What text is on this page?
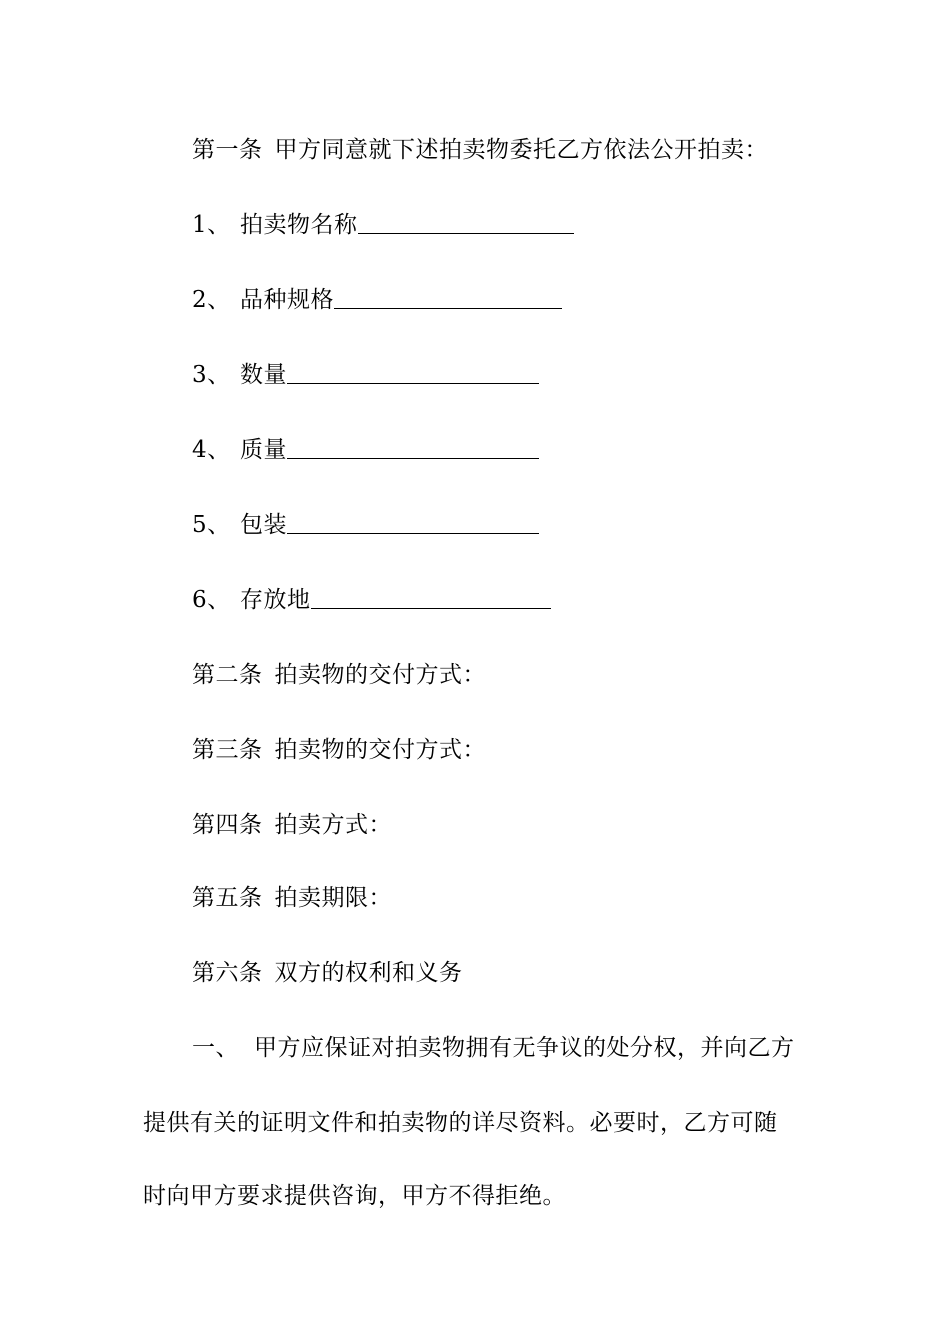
第一条 甲方同意就下述拍卖物委托乙方依法公开拍卖：
1、 拍卖物名称
2、 品种规格
3、 数量
4、 质量
5、 包装
6、 存放地
第二条 拍卖物的交付方式：
第三条 拍卖物的交付方式：
第四条 拍卖方式：
第五条 拍卖期限：
第六条 双方的权利和义务
一、 甲方应保证对拍卖物拥有无争议的处分权，并向乙方
提供有关的证明文件和拍卖物的详尽资料。必要时，乙方可随
时向甲方要求提供咨询，甲方不得拒绝。
